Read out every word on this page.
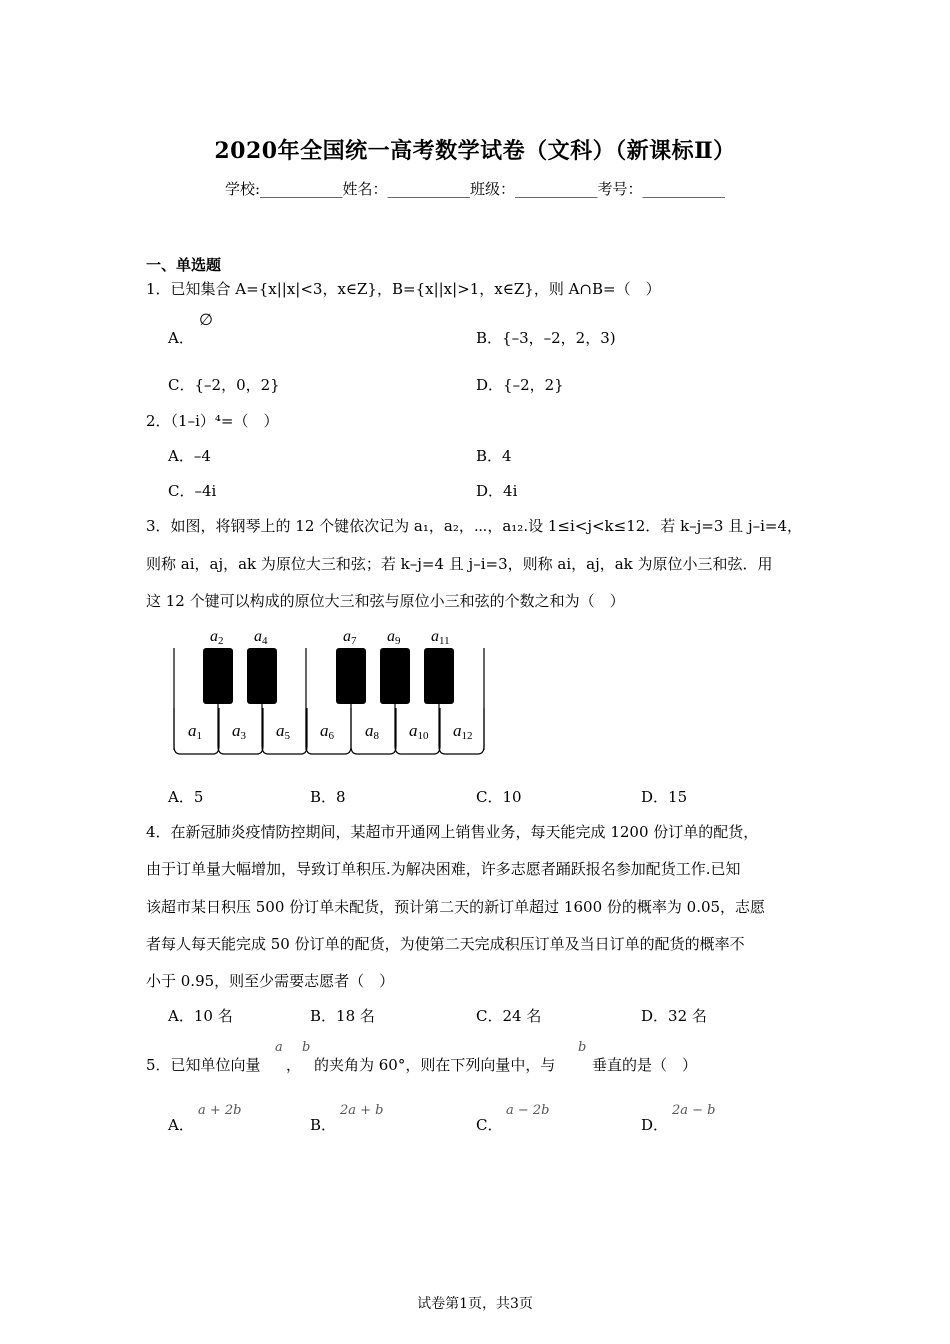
2020年全国统一高考数学试卷（文科）（新课标Ⅱ）
学校:___________姓名：___________班级：___________考号：___________
一、单选题
1．已知集合 A={x||x|<3，x∈Z}，B={x||x|>1，x∈Z}，则 A∩B=（　）
A．
∅
B．{–3，–2，2，3)
C．{–2，0，2}	D．{–2，2}
2．（1–i）⁴=（　）
A．–4	B．4
C．–4i	D．4i
3．如图，将钢琴上的 12 个键依次记为 a₁，a₂，⋯，a₁₂.设 1≤i<j<k≤12．若 k–j=3 且 j–i=4，
则称 ai，aj，ak 为原位大三和弦；若 k–j=4 且 j–i=3，则称 ai，aj，ak 为原位小三和弦．用
这 12 个键可以构成的原位大三和弦与原位小三和弦的个数之和为（　）
a1 a3 a5 a6 a8 a10 a12
a2 a4	a7 a9 a11
A．5	B．8	C．10	D．15
4．在新冠肺炎疫情防控期间，某超市开通网上销售业务，每天能完成 1200 份订单的配货，
由于订单量大幅增加，导致订单积压.为解决困难，许多志愿者踊跃报名参加配货工作.已知
该超市某日积压 500 份订单未配货，预计第二天的新订单超过 1600 份的概率为 0.05，志愿
者每人每天能完成 50 份订单的配货，为使第二天完成积压订单及当日订单的配货的概率不
小于 0.95，则至少需要志愿者（　）
A．10 名	B．18 名	C．24 名	D．32 名
5．已知单位向量
a
，
b
的夹角为 60°，则在下列向量中，与
b
垂直的是（　）
A．
a + 2b
B．
2a + b
C．
a − 2b
D．
2a − b
试卷第1页，共3页
